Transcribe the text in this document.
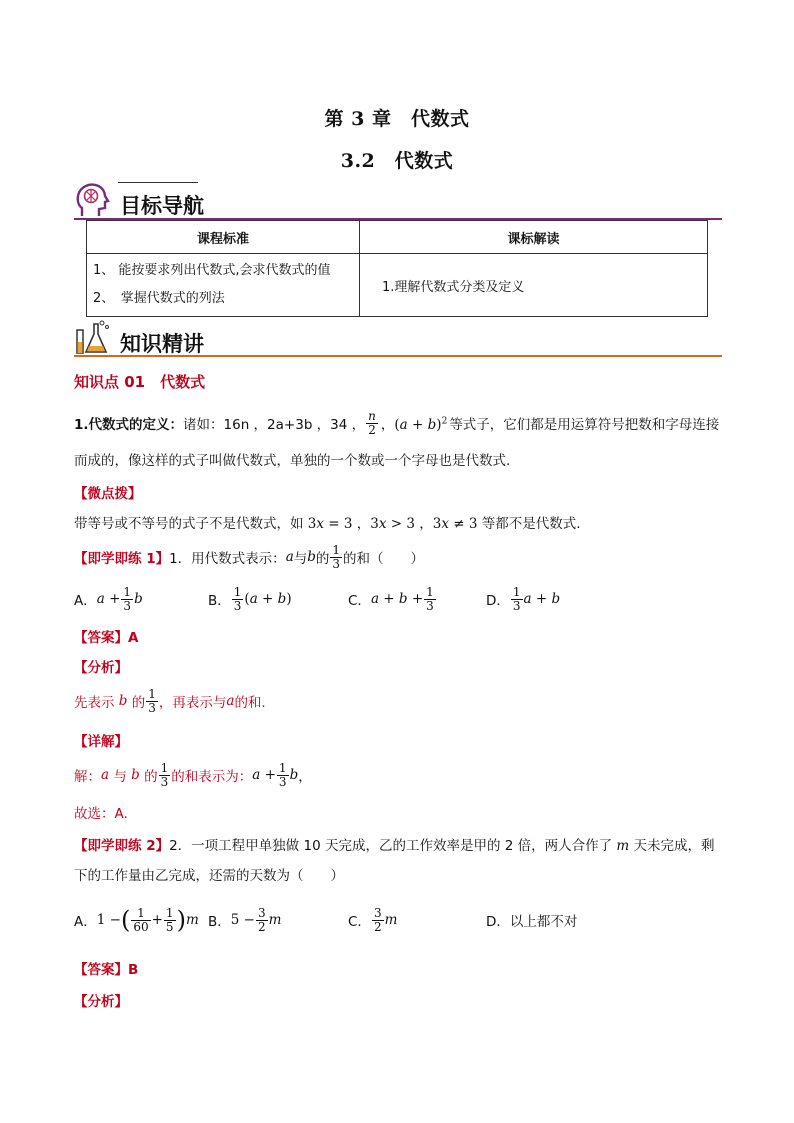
第 3 章　代数式
3.2　代数式
目标导航
课程标准	课标解读

1、 能按要求列出代数式,会求代数式的值
2、　掌握代数式的列法	1.理解代数式分类及定义
知识精讲
知识点 01　代数式
1.代数式的定义： 诸如：16n ，2a+3b ，34 ， $\frac{n}{2}$ ，$(a + b)^2$ 等式子，它们都是用运算符号把数和字母连接
而成的，像这样的式子叫做代数式，单独的一个数或一个字母也是代数式.
【微点拨】
带等号或不等号的式子不是代数式，如 3x = 3 ，3x > 3 ，3x ≠ 3 等都不是代数式.
【即学即练 1】 1．用代数式表示： a 与 b 的 $\frac{1}{3}$ 的和（　　）
A． $a + \frac{1}{3}$ b	B． $\frac{1}{3} (a + b)$	C． $a + b + \frac{1}{3}$	D． $\frac{1}{3}$ a + b
【答案】A
【分析】
先表示 b 的 $\frac{1}{3}$ ，再表示与 a 的和.
【详解】
解： a 与 b 的 $\frac{1}{3}$ 的和表示为： $a + \frac{1}{3}$ b ，
故选：A.
【即学即练 2】2．一项工程甲单独做 10 天完成，乙的工作效率是甲的 2 倍，两人合作了 m 天未完成，剩
下的工作量由乙完成，还需的天数为（　　）
A． 1 − ( $\frac{1}{60} + \frac{1}{5}$ ) m B． $5 - \frac{3}{2}$ m	C． $\frac{3}{2}$ m	D．以上都不对
【答案】B
【分析】
